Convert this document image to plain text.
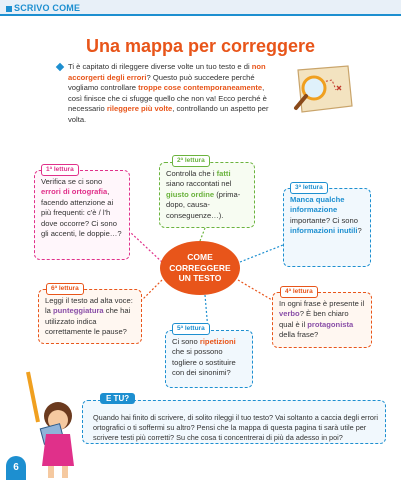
SCRIVO COME
Una mappa per correggere
Ti è capitato di rileggere diverse volte un tuo testo e di non accorgerti degli errori? Questo può succedere perché vogliamo controllare troppe cose contemporaneamente, così finisce che ci sfugge quello che non va! Ecco perché è necessario rileggere più volte, controllando un aspetto per volta.
Verifica se ci sono errori di ortografia, facendo attenzione ai più frequenti: c'è / l'h dove occorre? Ci sono gli accenti, le doppie…?
1ª lettura	Controlla che i fatti siano raccontati nel giusto ordine (prima-dopo, causa-conseguenze…).
2ª lettura
Manca qualche informazione importante? Ci sono informazioni inutili?
3ª lettura
In ogni frase è presente il verbo? È ben chiaro qual è il protagonista della frase?
4ª lettura
Ci sono ripetizioni che si possono togliere o sostituire con dei sinonimi?
5ª lettura
Leggi il testo ad alta voce: la punteggiatura che hai utilizzato indica correttamente le pause?
6ª lettura
COME
CORREGGERE
UN TESTO
Quando hai finito di scrivere, di solito rileggi il tuo testo? Vai soltanto a caccia degli errori ortografici o ti soffermi su altro? Pensi che la mappa di questa pagina ti sarà utile per scrivere testi più corretti? Su che cosa ti concentrerai di più da adesso in poi?
E TU?
6
